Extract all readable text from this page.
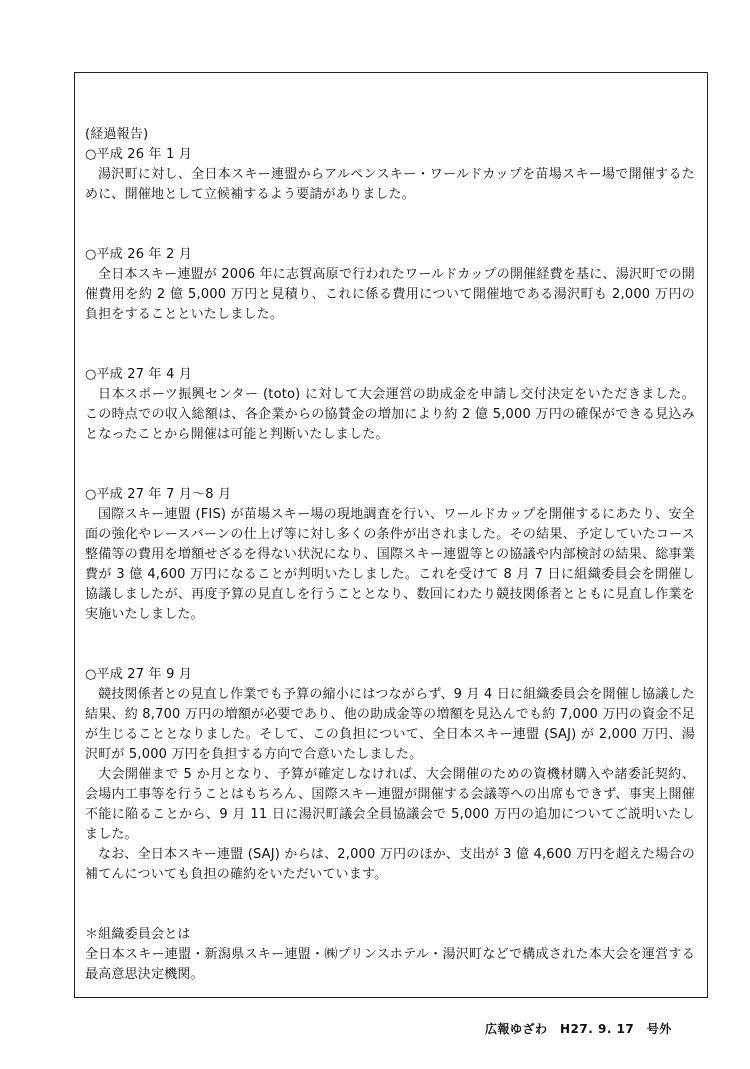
(経過報告)

○平成 26 年 1 月

湯沢町に対し、全日本スキー連盟からアルペンスキー・ワールドカップを苗場スキー場で開催するために、開催地として立候補するよう要請がありました。

○平成 26 年 2 月

全日本スキー連盟が 2006 年に志賀高原で行われたワールドカップの開催経費を基に、湯沢町での開催費用を約 2 億 5,000 万円と見積り、これに係る費用について開催地である湯沢町も 2,000 万円の負担をすることといたしました。

○平成 27 年 4 月

日本スポーツ振興センター (toto) に対して大会運営の助成金を申請し交付決定をいただきました。この時点での収入総額は、各企業からの協賛金の増加により約 2 億 5,000 万円の確保ができる見込みとなったことから開催は可能と判断いたしました。

○平成 27 年 7 月～8 月

国際スキー連盟 (FIS) が苗場スキー場の現地調査を行い、ワールドカップを開催するにあたり、安全面の強化やレースバーンの仕上げ等に対し多くの条件が出されました。その結果、予定していたコース整備等の費用を増額せざるを得ない状況になり、国際スキー連盟等との協議や内部検討の結果、総事業費が 3 億 4,600 万円になることが判明いたしました。これを受けて 8 月 7 日に組織委員会を開催し協議しましたが、再度予算の見直しを行うこととなり、数回にわたり競技関係者とともに見直し作業を実施いたしました。

○平成 27 年 9 月

競技関係者との見直し作業でも予算の縮小にはつながらず、9 月 4 日に組織委員会を開催し協議した結果、約 8,700 万円の増額が必要であり、他の助成金等の増額を見込んでも約 7,000 万円の資金不足が生じることとなりました。そして、この負担について、全日本スキー連盟 (SAJ) が 2,000 万円、湯沢町が 5,000 万円を負担する方向で合意いたしました。

大会開催まで 5 か月となり、予算が確定しなければ、大会開催のための資機材購入や諸委託契約、会場内工事等を行うことはもちろん、国際スキー連盟が開催する会議等への出席もできず、事実上開催不能に陥ることから、9 月 11 日に湯沢町議会全員協議会で 5,000 万円の追加についてご説明いたしました。

なお、全日本スキー連盟 (SAJ) からは、2,000 万円のほか、支出が 3 億 4,600 万円を超えた場合の補てんについても負担の確約をいただいています。

＊組織委員会とは

全日本スキー連盟・新潟県スキー連盟・㈱プリンスホテル・湯沢町などで構成された本大会を運営する最高意思決定機関。

広報ゆざわ　H27. 9. 17　号外
